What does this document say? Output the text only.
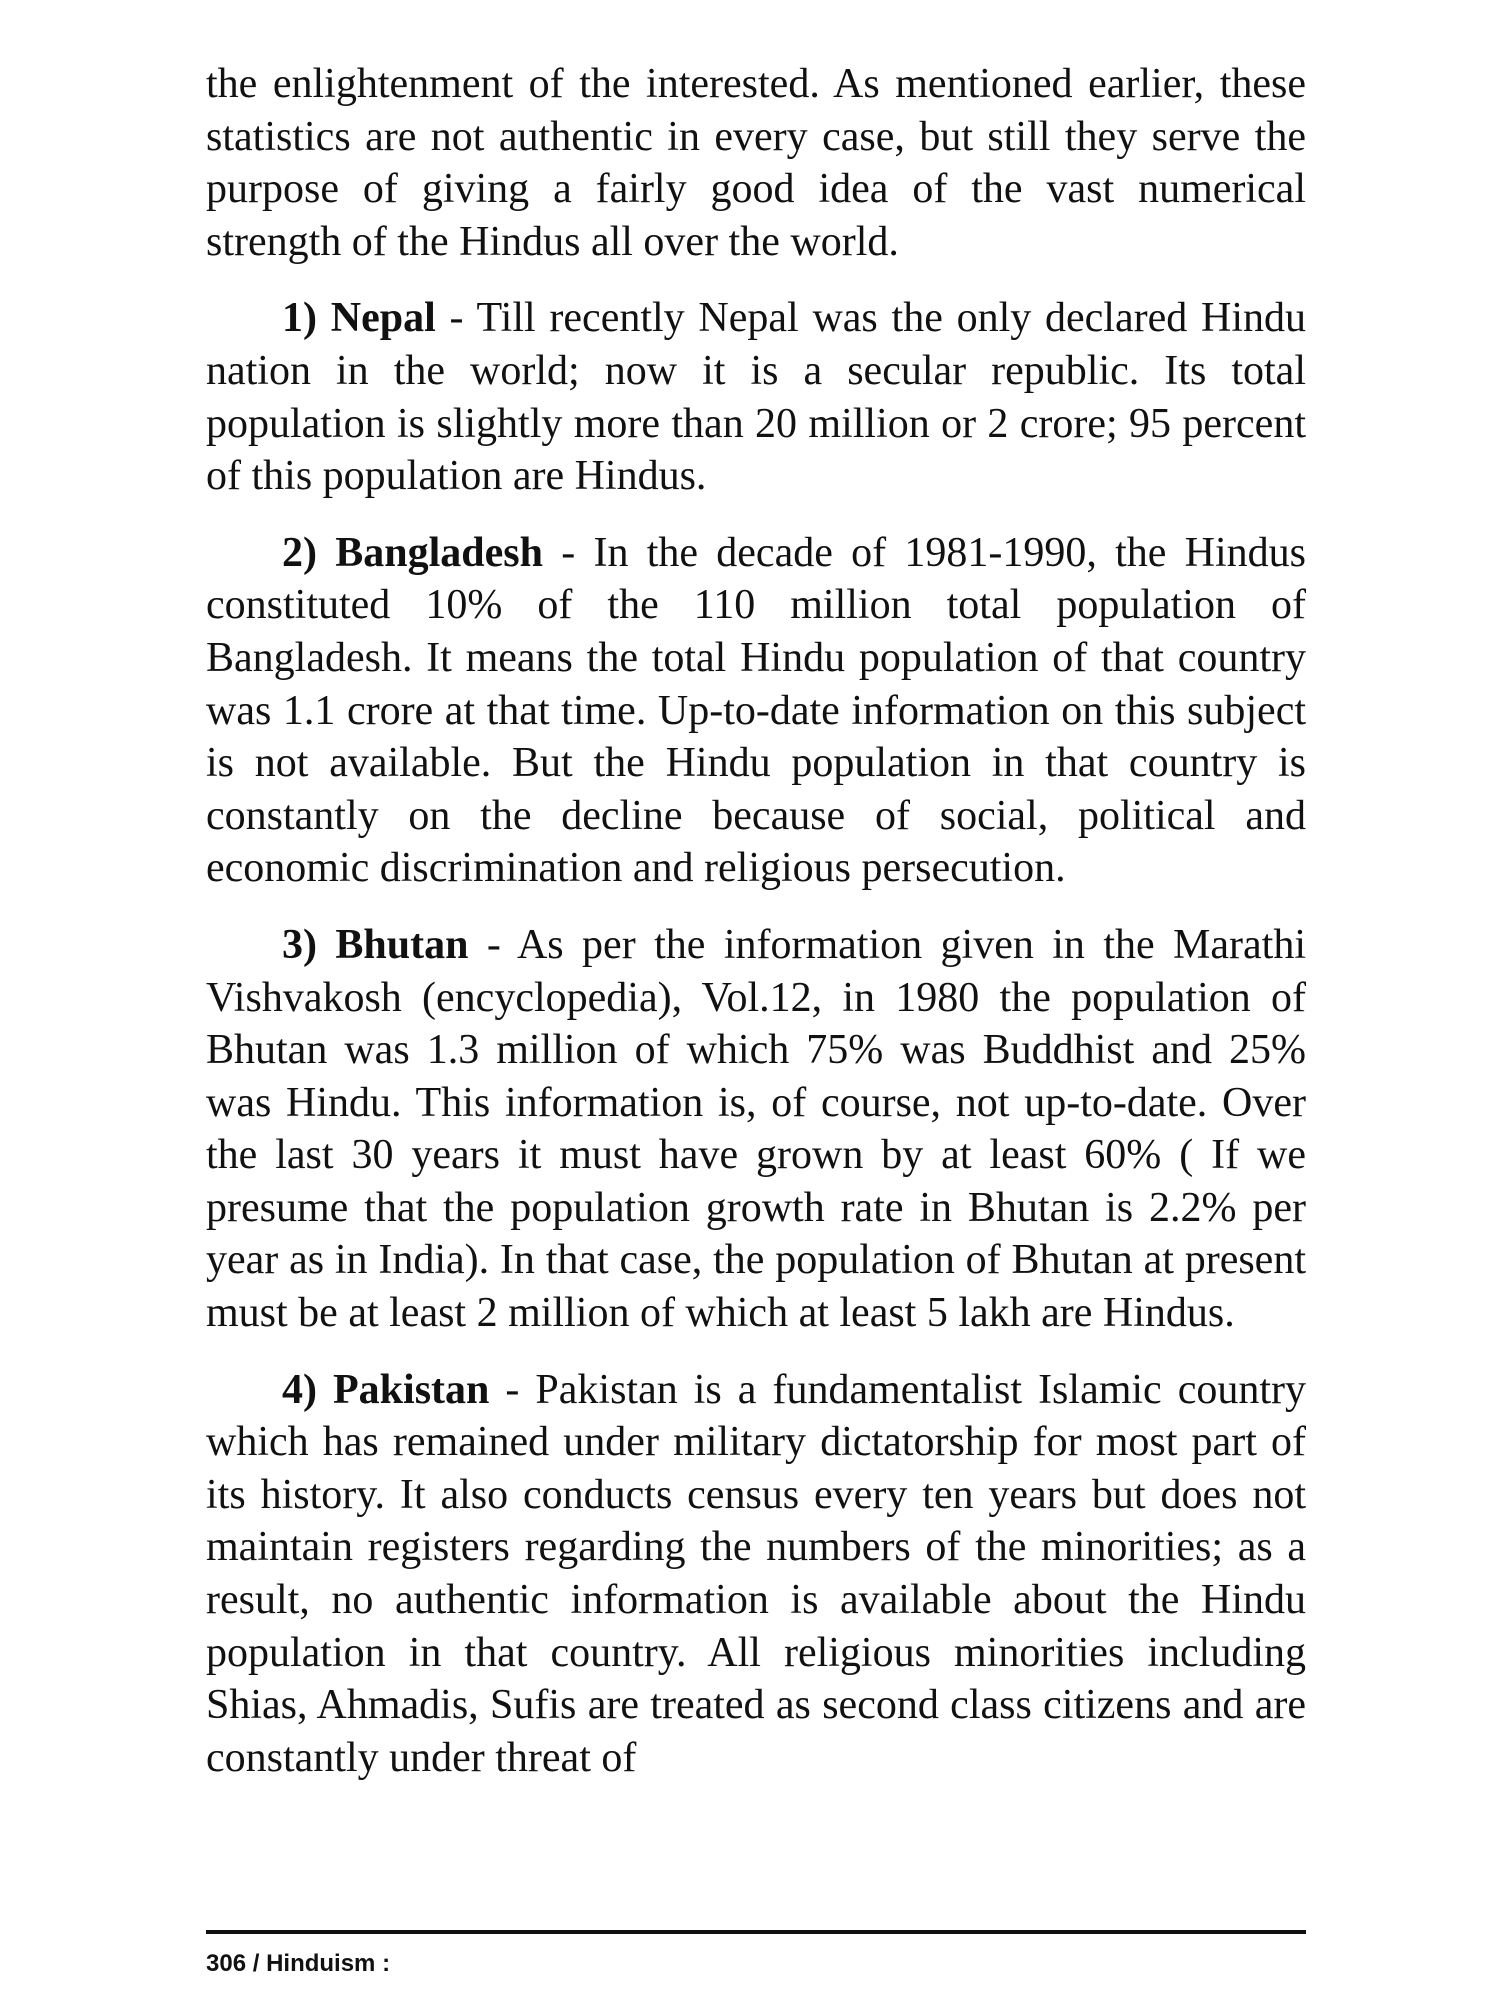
the enlightenment of the interested. As mentioned earlier, these statistics are not authentic in every case, but still they serve the purpose of giving a fairly good idea of the vast numerical strength of the Hindus all over the world.

1) Nepal - Till recently Nepal was the only declared Hindu nation in the world; now it is a secular republic. Its total population is slightly more than 20 million or 2 crore; 95 percent of this population are Hindus.

2) Bangladesh - In the decade of 1981-1990, the Hindus constituted 10% of the 110 million total population of Bangladesh. It means the total Hindu population of that country was 1.1 crore at that time. Up-to-date information on this subject is not available. But the Hindu population in that country is constantly on the decline because of social, political and economic discrimination and religious persecution.

3) Bhutan - As per the information given in the Marathi Vishvakosh (encyclopedia), Vol.12, in 1980 the population of Bhutan was 1.3 million of which 75% was Buddhist and 25% was Hindu. This information is, of course, not up-to-date. Over the last 30 years it must have grown by at least 60% ( If we presume that the population growth rate in Bhutan is 2.2% per year as in India). In that case, the population of Bhutan at present must be at least 2 million of which at least 5 lakh are Hindus.

4) Pakistan - Pakistan is a fundamentalist Islamic country which has remained under military dictatorship for most part of its history. It also conducts census every ten years but does not maintain registers regarding the numbers of the minorities; as a result, no authentic information is available about the Hindu population in that country. All religious minorities including Shias, Ahmadis, Sufis are treated as second class citizens and are constantly under threat of

306 / Hinduism :
